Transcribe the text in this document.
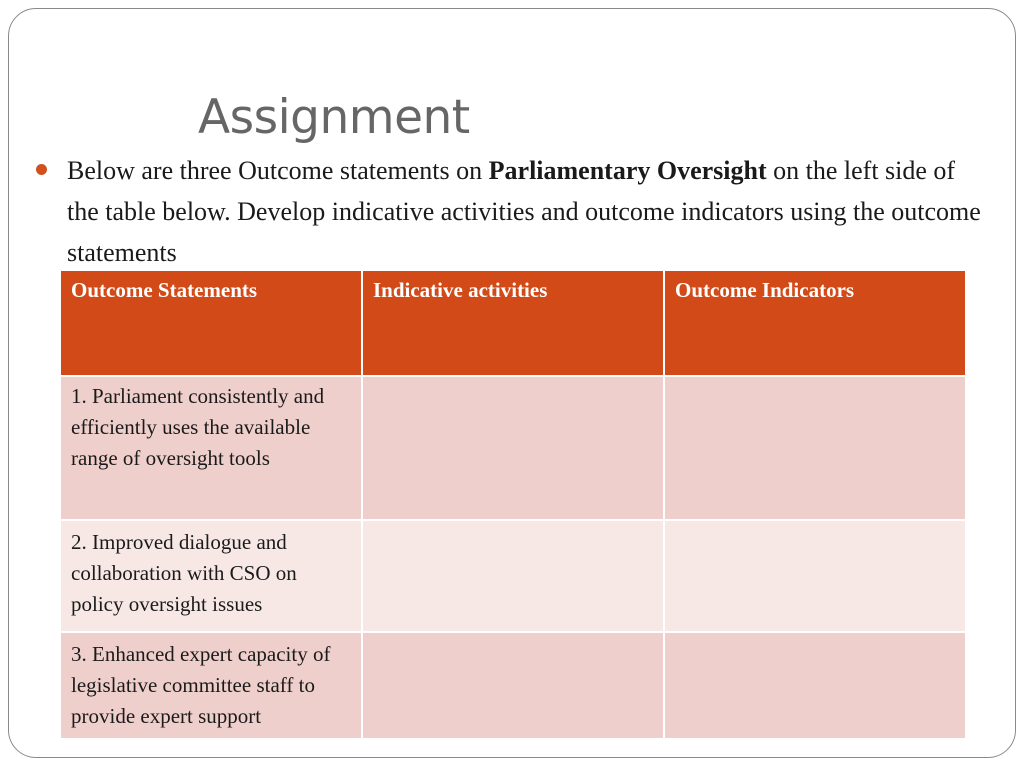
Assignment
Below are three Outcome statements on Parliamentary Oversight on the left side of the table below. Develop indicative activities and outcome indicators using the outcome statements
Outcome Statements	Indicative activities	Outcome Indicators
1. Parliament consistently and efficiently uses the available range of oversight tools		
2. Improved dialogue and collaboration with CSO on policy oversight issues		
3. Enhanced expert capacity of legislative committee staff to provide expert support		
